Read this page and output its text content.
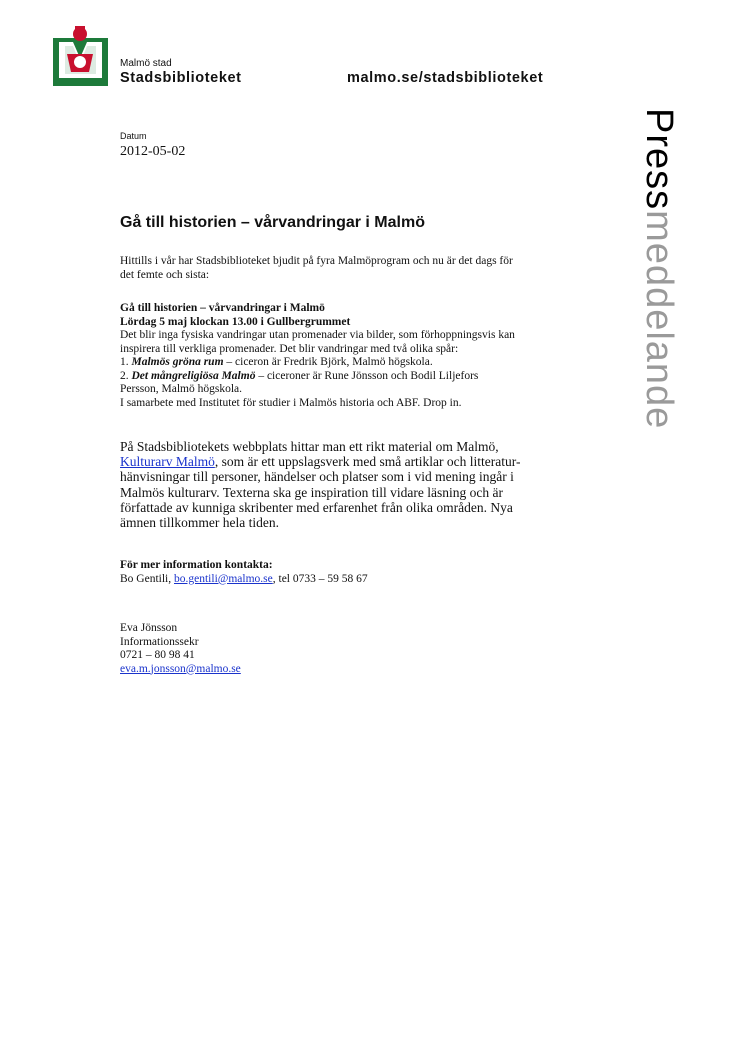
Malmö stad
Stadsbiblioteket	malmo.se/stadsbiblioteket
Datum
2012-05-02	Pressmeddelande
Gå till historien – vårvandringar i Malmö
Hittills i vår har Stadsbiblioteket bjudit på fyra Malmöprogram och nu är det dags för
det femte och sista:
Gå till historien – vårvandringar i Malmö
Lördag 5 maj klockan 13.00 i Gullbergrummet
Det blir inga fysiska vandringar utan promenader via bilder, som förhoppningsvis kan
inspirera till verkliga promenader. Det blir vandringar med två olika spår:
1. Malmös gröna rum – ciceron är Fredrik Björk, Malmö högskola.
2. Det mångreligiösa Malmö – ciceroner är Rune Jönsson och Bodil Liljefors
Persson, Malmö högskola.
I samarbete med Institutet för studier i Malmös historia och ABF. Drop in.
På Stadsbibliotekets webbplats hittar man ett rikt material om Malmö,
Kulturarv Malmö, som är ett uppslagsverk med små artiklar och litteratur-
hänvisningar till personer, händelser och platser som i vid mening ingår i
Malmös kulturarv. Texterna ska ge inspiration till vidare läsning och är
författade av kunniga skribenter med erfarenhet från olika områden. Nya
ämnen tillkommer hela tiden.
För mer information kontakta:
Bo Gentili, bo.gentili@malmo.se, tel 0733 – 59 58 67
Eva Jönsson
Informationssekr
0721 – 80 98 41
eva.m.jonsson@malmo.se
